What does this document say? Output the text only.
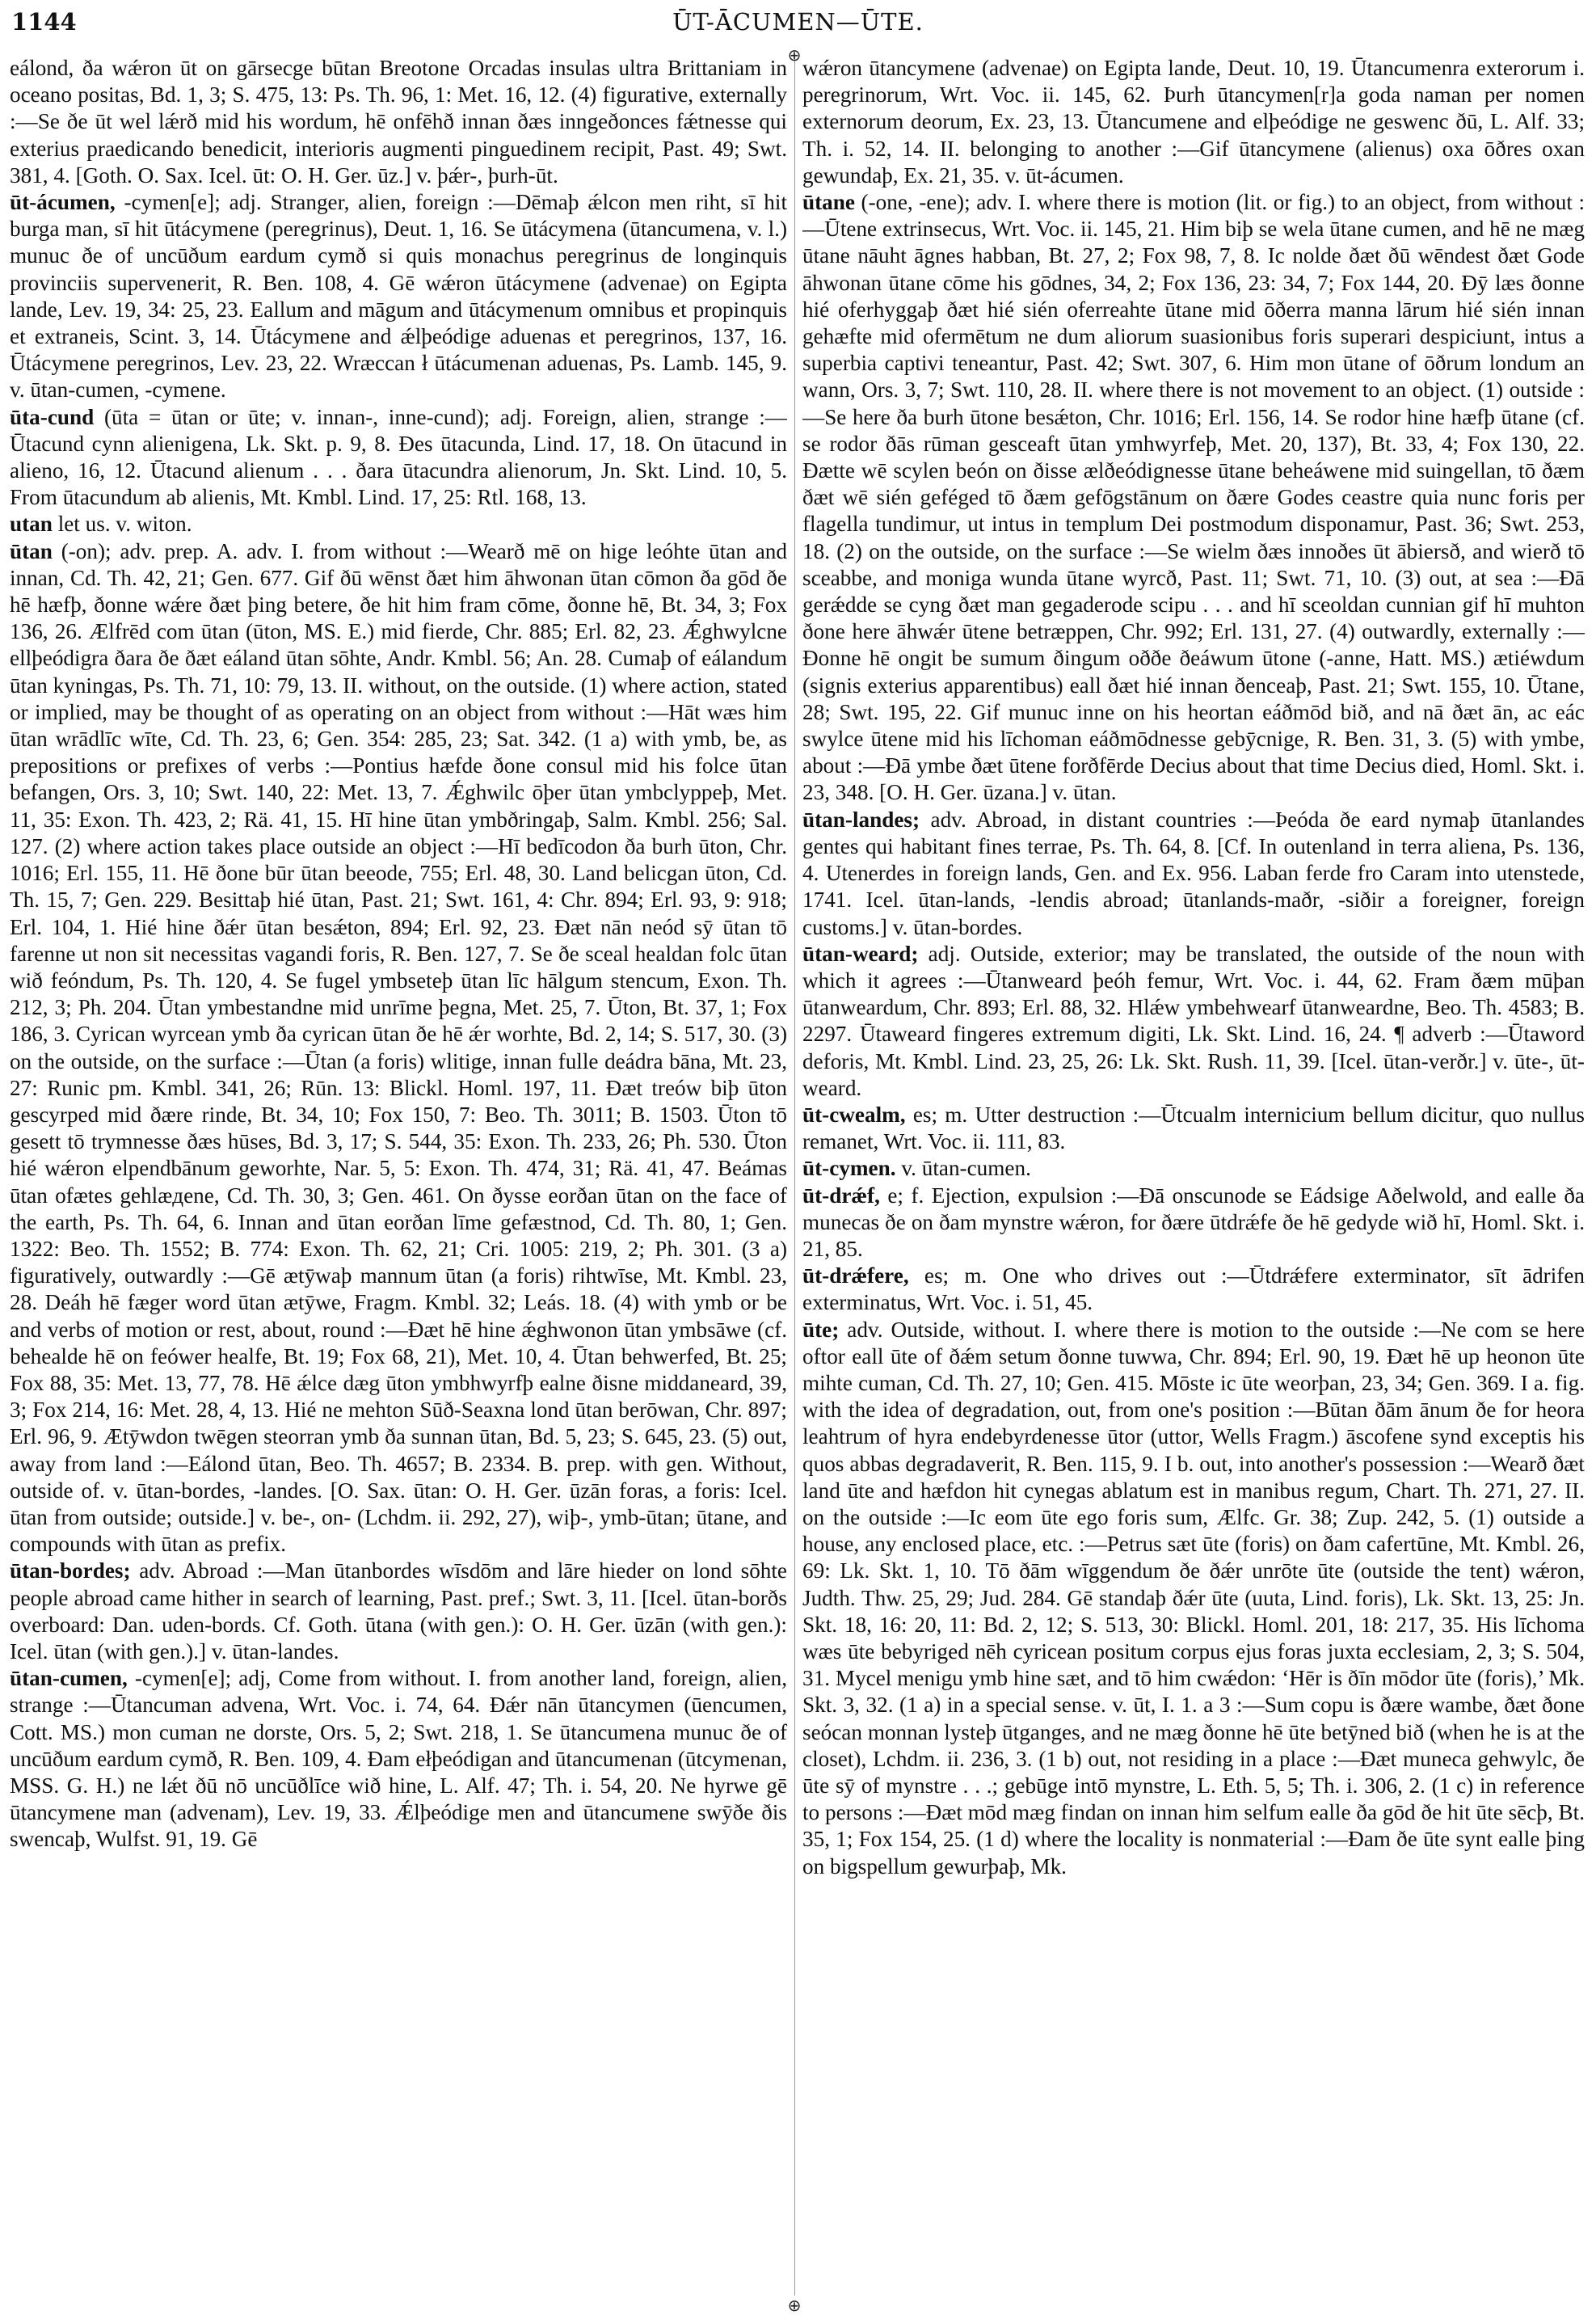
1144	ŪT-ĀCUMEN—ŪTE.
⊕
⊕

eálond, ða wǽron ūt on gārsecge būtan Breotone Orcadas insulas ultra Brittaniam in oceano positas, Bd. 1, 3; S. 475, 13: Ps. Th. 96, 1: Met. 16, 12. (4) figurative, externally :—Se ðe ūt wel lǽrð mid his wordum, hē onfēhð innan ðæs inngeðonces fǽtnesse qui exterius praedicando benedicit, interioris augmenti pinguedinem recipit, Past. 49; Swt. 381, 4. [Goth. O. Sax. Icel. ūt: O. H. Ger. ūz.] v. þǽr-, þurh-ūt.

ūt-ácumen, -cymen[e]; adj. Stranger, alien, foreign :—Dēmaþ ǽlcon men riht, sī hit burga man, sī hit ūtácymene (peregrinus), Deut. 1, 16. Se ūtácymena (ūtancumena, v. l.) munuc ðe of uncūðum eardum cymð si quis monachus peregrinus de longinquis provinciis supervenerit, R. Ben. 108, 4. Gē wǽron ūtácymene (advenae) on Egipta lande, Lev. 19, 34: 25, 23. Eallum and māgum and ūtácymenum omnibus et propinquis et extraneis, Scint. 3, 14. Ūtácymene and ǽlþeódige aduenas et peregrinos, 137, 16. Ūtácymene peregrinos, Lev. 23, 22. Wræccan ł ūtácumenan aduenas, Ps. Lamb. 145, 9. v. ūtan-cumen, -cymene.

ūta-cund (ūta = ūtan or ūte; v. innan-, inne-cund); adj. Foreign, alien, strange :—Ūtacund cynn alienigena, Lk. Skt. p. 9, 8. Ðes ūtacunda, Lind. 17, 18. On ūtacund in alieno, 16, 12. Ūtacund alienum . . . ðara ūtacundra alienorum, Jn. Skt. Lind. 10, 5. From ūtacundum ab alienis, Mt. Kmbl. Lind. 17, 25: Rtl. 168, 13.

utan let us. v. witon.

ūtan (-on); adv. prep. A. adv. I. from without :—Wearð mē on hige leóhte ūtan and innan, Cd. Th. 42, 21; Gen. 677. Gif ðū wēnst ðæt him āhwonan ūtan cōmon ða gōd ðe hē hæfþ, ðonne wǽre ðæt þing betere, ðe hit him fram cōme, ðonne hē, Bt. 34, 3; Fox 136, 26. Ælfrēd com ūtan (ūton, MS. E.) mid fierde, Chr. 885; Erl. 82, 23. Ǽghwylcne ellþeódigra ðara ðe ðæt eáland ūtan sōhte, Andr. Kmbl. 56; An. 28. Cumaþ of eálandum ūtan kyningas, Ps. Th. 71, 10: 79, 13. II. without, on the outside. (1) where action, stated or implied, may be thought of as operating on an object from without :—Hāt wæs him ūtan wrādlīc wīte, Cd. Th. 23, 6; Gen. 354: 285, 23; Sat. 342. (1 a) with ymb, be, as prepositions or prefixes of verbs :—Pontius hæfde ðone consul mid his folce ūtan befangen, Ors. 3, 10; Swt. 140, 22: Met. 13, 7. Ǽghwilc ōþer ūtan ymbclyppeþ, Met. 11, 35: Exon. Th. 423, 2; Rä. 41, 15. Hī hine ūtan ymbðringaþ, Salm. Kmbl. 256; Sal. 127. (2) where action takes place outside an object :—Hī bedīcodon ða burh ūton, Chr. 1016; Erl. 155, 11. Hē ðone būr ūtan beeode, 755; Erl. 48, 30. Land belicgan ūton, Cd. Th. 15, 7; Gen. 229. Besittaþ hié ūtan, Past. 21; Swt. 161, 4: Chr. 894; Erl. 93, 9: 918; Erl. 104, 1. Hié hine ðǽr ūtan besǽton, 894; Erl. 92, 23. Ðæt nān neód sȳ ūtan tō farenne ut non sit necessitas vagandi foris, R. Ben. 127, 7. Se ðe sceal healdan folc ūtan wið feóndum, Ps. Th. 120, 4. Se fugel ymbsetеþ ūtan līc hālgum stencum, Exon. Th. 212, 3; Ph. 204. Ūtan ymbestandne mid unrīme þegna, Met. 25, 7. Ūton, Bt. 37, 1; Fox 186, 3. Cyrican wyrcean ymb ða cyrican ūtan ðe hē ǽr worhte, Bd. 2, 14; S. 517, 30. (3) on the outside, on the surface :—Ūtan (a foris) wlitige, innan fulle deádra bāna, Mt. 23, 27: Runic pm. Kmbl. 341, 26; Rūn. 13: Blickl. Homl. 197, 11. Ðæt treów biþ ūton gescyrped mid ðære rinde, Bt. 34, 10; Fox 150, 7: Beo. Th. 3011; B. 1503. Ūton tō gesett tō trymnesse ðæs hūses, Bd. 3, 17; S. 544, 35: Exon. Th. 233, 26; Ph. 530. Ūton hié wǽron elpendbānum geworhte, Nar. 5, 5: Exon. Th. 474, 31; Rä. 41, 47. Beámas ūtan ofætes gehlæдene, Cd. Th. 30, 3; Gen. 461. On ðysse eorðan ūtan on the face of the earth, Ps. Th. 64, 6. Innan and ūtan eorðan līme gefæstnod, Cd. Th. 80, 1; Gen. 1322: Beo. Th. 1552; B. 774: Exon. Th. 62, 21; Cri. 1005: 219, 2; Ph. 301. (3 a) figuratively, outwardly :—Gē ætȳwaþ mannum ūtan (a foris) rihtwīse, Mt. Kmbl. 23, 28. Deáh hē fæger word ūtan ætȳwe, Fragm. Kmbl. 32; Leás. 18. (4) with ymb or be and verbs of motion or rest, about, round :—Ðæt hē hine ǽghwonon ūtan ymbsāwe (cf. behealde hē on feówer healfe, Bt. 19; Fox 68, 21), Met. 10, 4. Ūtan behwerfed, Bt. 25; Fox 88, 35: Met. 13, 77, 78. Hē ǽlce dæg ūton ymbhwyrfþ ealne ðisne middaneard, 39, 3; Fox 214, 16: Met. 28, 4, 13. Hié ne mehton Sūð-Seaxna lond ūtan berōwan, Chr. 897; Erl. 96, 9. Ætȳwdon twēgen steorran ymb ða sunnan ūtan, Bd. 5, 23; S. 645, 23. (5) out, away from land :—Eálond ūtan, Beo. Th. 4657; B. 2334. B. prep. with gen. Without, outside of. v. ūtan-bordes, -landes. [O. Sax. ūtan: O. H. Ger. ūzān foras, a foris: Icel. ūtan from outside; outside.] v. be-, on- (Lchdm. ii. 292, 27), wiþ-, ymb-ūtan; ūtane, and compounds with ūtan as prefix.

ūtan-bordes; adv. Abroad :—Man ūtanbordes wīsdōm and lāre hieder on lond sōhte people abroad came hither in search of learning, Past. pref.; Swt. 3, 11. [Icel. ūtan-borðs overboard: Dan. uden-bords. Cf. Goth. ūtana (with gen.): O. H. Ger. ūzān (with gen.): Icel. ūtan (with gen.).] v. ūtan-landes.

ūtan-cumen, -cymen[e]; adj, Come from without. I. from another land, foreign, alien, strange :—Ūtancuman advena, Wrt. Voc. i. 74, 64. Ðǽr nān ūtancymen (ūencumen, Cott. MS.) mon cuman ne dorste, Ors. 5, 2; Swt. 218, 1. Se ūtancumena munuc ðe of uncūðum eardum cymð, R. Ben. 109, 4. Ðam ełþeódigan and ūtancumenan (ūtcymenan, MSS. G. H.) ne lǽt ðū nō uncūðlīce wið hine, L. Alf. 47; Th. i. 54, 20. Ne hyrwe gē ūtancymene man (advenam), Lev. 19, 33. Ǽlþeódige men and ūtancumene swȳðe ðis swencaþ, Wulfst. 91, 19. Gē

wǽron ūtancymene (advenae) on Egipta lande, Deut. 10, 19. Ūtancumenra exterorum i. peregrinorum, Wrt. Voc. ii. 145, 62. Þurh ūtancymen[r]a goda naman per nomen externorum deorum, Ex. 23, 13. Ūtancumene and elþeódige ne geswenc ðū, L. Alf. 33; Th. i. 52, 14. II. belonging to another :—Gif ūtancymene (alienus) oxa ōðres oxan gewundaþ, Ex. 21, 35. v. ūt-ácumen.

ūtane (-one, -ene); adv. I. where there is motion (lit. or fig.) to an object, from without :—Ūtene extrinsecus, Wrt. Voc. ii. 145, 21. Him biþ se wela ūtane cumen, and hē ne mæg ūtane nāuht āgnes habban, Bt. 27, 2; Fox 98, 7, 8. Ic nolde ðæt ðū wēndest ðæt Gode āhwonan ūtane cōme his gōdnes, 34, 2; Fox 136, 23: 34, 7; Fox 144, 20. Ðȳ læs ðonne hié oferhyggaþ ðæt hié sién oferreahte ūtane mid ōðerra manna lārum hié sién innan gehæfte mid ofermētum ne dum aliorum suasionibus foris superari despiciunt, intus a superbia captivi teneantur, Past. 42; Swt. 307, 6. Him mon ūtane of ōðrum londum an wann, Ors. 3, 7; Swt. 110, 28. II. where there is not movement to an object. (1) outside :—Se here ða burh ūtone besǽton, Chr. 1016; Erl. 156, 14. Se rodor hine hæfþ ūtane (cf. se rodor ðās rūman gesceaft ūtan ymhwyrfeþ, Met. 20, 137), Bt. 33, 4; Fox 130, 22. Ðætte wē scylen beón on ðisse ælðeódignesse ūtane beheáwene mid suingellan, tō ðæm ðæt wē sién geféged tō ðæm gefōgstānum on ðære Godes ceastre quia nunc foris per flagella tundimur, ut intus in templum Dei postmodum disponamur, Past. 36; Swt. 253, 18. (2) on the outside, on the surface :—Se wielm ðæs innoðes ūt ābiersð, and wierð tō sceabbe, and moniga wunda ūtane wyrcð, Past. 11; Swt. 71, 10. (3) out, at sea :—Ðā gerǽdde se cyng ðæt man gegaderode scipu . . . and hī sceoldan cunnian gif hī muhton ðone here āhwǽr ūtene betræppen, Chr. 992; Erl. 131, 27. (4) outwardly, externally :—Ðonne hē ongit be sumum ðingum oððe ðeáwum ūtone (-anne, Hatt. MS.) ætiéwdum (signis exterius apparentibus) eall ðæt hié innan ðenceaþ, Past. 21; Swt. 155, 10. Ūtane, 28; Swt. 195, 22. Gif munuc inne on his heortan eáðmōd bið, and nā ðæt ān, ac eác swylce ūtene mid his līchoman eáðmōdnesse gebȳcnige, R. Ben. 31, 3. (5) with ymbe, about :—Ðā ymbe ðæt ūtene forðfērde Decius about that time Decius died, Homl. Skt. i. 23, 348. [O. H. Ger. ūzana.] v. ūtan.

ūtan-landes; adv. Abroad, in distant countries :—Þeóda ðe eard nymaþ ūtanlandes gentes qui habitant fines terrae, Ps. Th. 64, 8. [Cf. In outenland in terra aliena, Ps. 136, 4. Utenerdes in foreign lands, Gen. and Ex. 956. Laban ferde fro Caram into utenstede, 1741. Icel. ūtan-lands, -lendis abroad; ūtanlands-maðr, -siðir a foreigner, foreign customs.] v. ūtan-bordes.

ūtan-weard; adj. Outside, exterior; may be translated, the outside of the noun with which it agrees :—Ūtanweard þeóh femur, Wrt. Voc. i. 44, 62. Fram ðæm mūþan ūtanweardum, Chr. 893; Erl. 88, 32. Hlǽw ymbehwearf ūtanweardne, Beo. Th. 4583; B. 2297. Ūtaweard fingeres extremum digiti, Lk. Skt. Lind. 16, 24. ¶ adverb :—Ūtaword deforis, Mt. Kmbl. Lind. 23, 25, 26: Lk. Skt. Rush. 11, 39. [Icel. ūtan-verðr.] v. ūte-, ūt-weard.

ūt-cwealm, es; m. Utter destruction :—Ūtcualm internicium bellum dicitur, quo nullus remanet, Wrt. Voc. ii. 111, 83.

ūt-cymen. v. ūtan-cumen.

ūt-drǽf, e; f. Ejection, expulsion :—Ðā onscunode se Eádsige Aðelwold, and ealle ða munecas ðe on ðam mynstre wǽron, for ðære ūtdrǽfe ðe hē gedyde wið hī, Homl. Skt. i. 21, 85.

ūt-drǽfere, es; m. One who drives out :—Ūtdrǽfere exterminator, sīt ādrifen exterminatus, Wrt. Voc. i. 51, 45.

ūte; adv. Outside, without. I. where there is motion to the outside :—Ne com se here oftor eall ūte of ðǽm setum ðonne tuwwa, Chr. 894; Erl. 90, 19. Ðæt hē up heonon ūte mihte cuman, Cd. Th. 27, 10; Gen. 415. Mōste ic ūte weorþan, 23, 34; Gen. 369. I a. fig. with the idea of degradation, out, from one's position :—Būtan ðām ānum ðe for heora leahtrum of hyra endebyrdenesse ūtor (uttor, Wells Fragm.) āscofene synd exceptis his quos abbas degradaverit, R. Ben. 115, 9. I b. out, into another's possession :—Wearð ðæt land ūte and hæfdon hit cynegas ablatum est in manibus regum, Chart. Th. 271, 27. II. on the outside :—Ic eom ūte ego foris sum, Ælfc. Gr. 38; Zup. 242, 5. (1) outside a house, any enclosed place, etc. :—Petrus sæt ūte (foris) on ðam cafertūne, Mt. Kmbl. 26, 69: Lk. Skt. 1, 10. Tō ðām wīggendum ðe ðǽr unrōte ūte (outside the tent) wǽron, Judth. Thw. 25, 29; Jud. 284. Gē standaþ ðǽr ūte (uuta, Lind. foris), Lk. Skt. 13, 25: Jn. Skt. 18, 16: 20, 11: Bd. 2, 12; S. 513, 30: Blickl. Homl. 201, 18: 217, 35. His līchoma wæs ūte bebyriged nēh cyricean positum corpus ejus foras juxta ecclesiam, 2, 3; S. 504, 31. Mycel menigu ymb hine sæt, and tō him cwǽdon: ‘Hēr is ðīn mōdor ūte (foris),’ Mk. Skt. 3, 32. (1 a) in a special sense. v. ūt, I. 1. a 3 :—Sum copu is ðære wambe, ðæt ðone seócan monnan lysteþ ūtganges, and ne mæg ðonne hē ūte betȳned bið (when he is at the closet), Lchdm. ii. 236, 3. (1 b) out, not residing in a place :—Ðæt muneca gehwylc, ðe ūte sȳ of mynstre . . .; gebūge intō mynstre, L. Eth. 5, 5; Th. i. 306, 2. (1 c) in reference to persons :—Ðæt mōd mæg findan on innan him selfum ealle ða gōd ðe hit ūte sēcþ, Bt. 35, 1; Fox 154, 25. (1 d) where the locality is nonmaterial :—Ðam ðe ūte synt ealle þing on bigspellum gewurþaþ, Mk.
